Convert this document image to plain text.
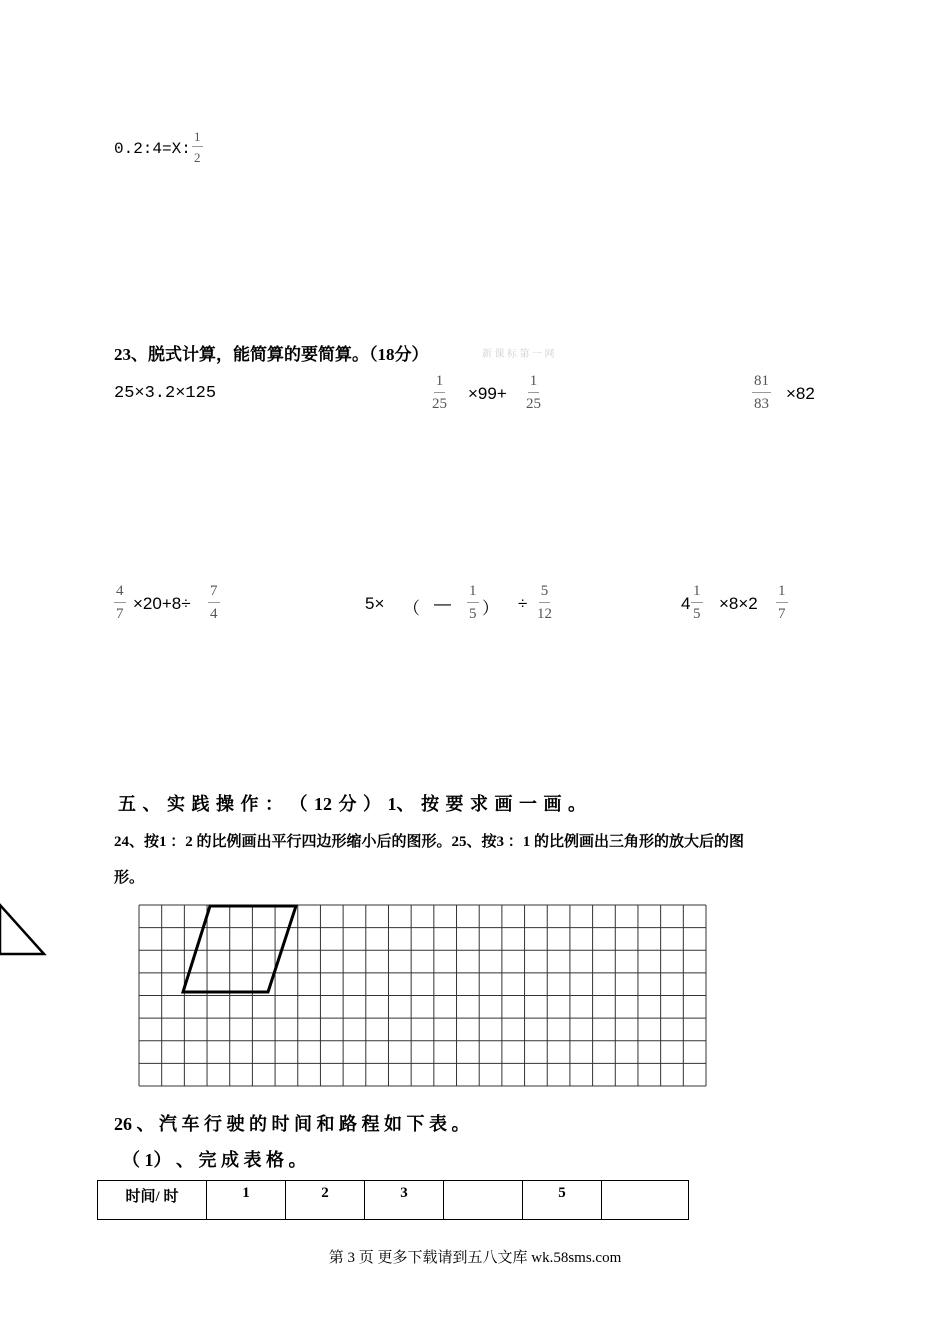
0.2:4=X: $\frac{1}{2}$
23、脱式计算，能简算的要简算。（18分）	新 课 标 第 一 网
25×3.2×125	$\frac{1}{25} \times 99+ \frac{1}{25}$	$\frac{81}{83} \times 82$
$\frac{4}{7} \times 20+8\div \frac{7}{4}$	5× （ — $\frac{1}{5}$ ） ÷ $\frac{5}{12}$	$4 \frac{1}{5} \times 8\times 2 \frac{1}{7}$
五 、 实 践 操 作 ： （ 12 分 ） 1、 按 要 求 画 一 画 。
24、按1 ：2 的比例画出平行四边形缩小后的图形。25、按3 ：1 的比例画出三角形的放大后的图
形。
26 、 汽 车 行 驶 的 时 间 和 路 程 如 下 表 。
（ 1） 、 完 成 表 格 。
时间/ 时	1	2	3		5	
第 3 页 更多下载请到五八文库 wk.58sms.com
